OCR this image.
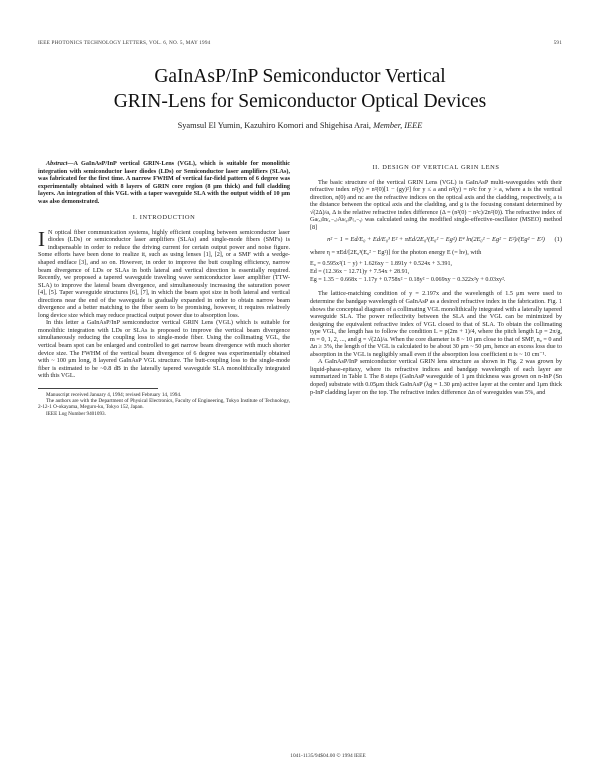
IEEE PHOTONICS TECHNOLOGY LETTERS, VOL. 6, NO. 5, MAY 1994	591
GaInAsP/InP Semiconductor Vertical
GRIN-Lens for Semiconductor Optical Devices
Syamsul El Yumin, Kazuhiro Komori and Shigehisa Arai, Member, IEEE

Abstract—A GaInAsP/InP vertical GRIN-Lens (VGL), which is suitable for monolithic integration with semiconductor laser diodes (LDs) or Semiconductor laser amplifiers (SLAs), was fabricated for the first time. A narrow FWHM of vertical far-field pattern of 6 degree was experimentally obtained with 8 layers of GRIN core region (8 μm thick) and full cladding layers. An integration of this VGL with a taper waveguide SLA with the output width of 10 μm was also demonstrated.

I. INTRODUCTION

I N optical fiber communication systems, highly efficient coupling between semiconductor laser diodes (LDs) or semiconductor laser amplifiers (SLAs) and single-mode fibers (SMFs) is indispensable in order to reduce the driving current for certain output power and noise figure. Some efforts have been done to realize it, such as using lenses [1], [2], or a SMF with a wedge-shaped endface [3], and so on. However, in order to improve the butt coupling efficiency, narrow beam divergence of LDs or SLAs in both lateral and vertical direction is essentially required. Recently, we proposed a tapered waveguide traveling wave semiconductor laser amplifier (TTW-SLA) to improve the lateral beam divergence, and simultaneously increasing the saturation power [4], [5]. Taper waveguide structures [6], [7], in which the beam spot size in both lateral and vertical directions near the end of the waveguide is gradually expanded in order to obtain narrow beam divergence and a better matching to the fiber seem to be promising, however, it requires relatively long device size which may reduce practical output power due to absorption loss.

In this letter a GaInAsP/InP semiconductor vertical GRIN Lens (VGL) which is suitable for monolithic integration with LDs or SLAs is proposed to improve the vertical beam divergence simultaneously reducing the coupling loss to single-mode fiber. Using the collimating VGL, the vertical beam spot can be enlarged and controlled to get narrow beam divergence with much shorter device size. The FWHM of the vertical beam divergence of 6 degree was experimentally obtained with ~ 100 μm long, 8 layered GaInAsP VGL structure. The butt-coupling loss to the single-mode fiber is estimated to be ~0.8 dB in the laterally tapered waveguide SLA monolithically integrated with this VGL.

Manuscript received January 4, 1994; revised February 14, 1994.

The authors are with the Department of Physical Electronics, Faculty of Engineering, Tokyo Institute of Technology, 2-12-1 O-okayama, Meguro-ku, Tokyo 152, Japan.

IEEE Log Number 9401093.

II. DESIGN OF VERTICAL GRIN LENS

The basic structure of the vertical GRIN Lens (VGL) is GaInAsP multi-waveguides with their refractive index n²(y) = n²(0)[1 − (gy)²] for y ≤ a and n²(y) = n²c for y > a, where a is the vertical direction, n(0) and nc are the refractive indices on the optical axis and the cladding, respectively, a is the distance between the optical axis and the cladding, and g is the focusing constant determined by √(2Δ)/a, Δ is the relative refractive index difference (Δ = (n²(0) − n²c)/2n²(0)). The refractive index of Ga₍ₓ₎In₍₁₋ₓ₎As₍ᵧ₎P₍₁₋ᵧ₎ was calculated using the modified single-effective-oscillator (MSEO) method [8]

n² − 1 = Ed/E₀ + Ed/E₀³ E² + πEd/2E₀³(E₀² − Eg²) E⁴ ln(2E₀² − Eg² − E²)/(Eg² − E²) (1)

where η = πEd/[2E₀³(E₀² − Eg²)] for the photon energy E (= hν), with

E₀ = 0.595x²(1 − y) + 1.626xy − 1.891y + 0.524x + 3.391,
Ed = (12.36x − 12.71)y + 7.54x + 28.91,
Eg = 1.35 − 0.668x − 1.17y + 0.758x² − 0.18y² − 0.069xy − 0.322x²y + 0.03xy².

The lattice-matching condition of y = 2.197x and the wavelength of 1.5 μm were used to determine the bandgap wavelength of GaInAsP as a desired refractive index in the fabrication. Fig. 1 shows the conceptual diagram of a collimating VGL monolithically integrated with a laterally tapered waveguide SLA. The power reflectivity between the SLA and the VGL can be minimized by designing the equivalent refractive index of VGL closed to that of SLA. To obtain the collimating type VGL, the length has to follow the condition L = p(2m + 1)/4, where the pitch length Lp = 2π/g, m = 0, 1, 2, ..., and g = √(2Δ)/a. When the core diameter is 8 ~ 10 μm close to that of SMF, n₀ = 0 and Δn ≥ 3%, the length of the VGL is calculated to be about 30 μm ~ 50 μm, hence an excess loss due to absorption in the VGL is negligibly small even if the absorption loss coefficient α is ~ 10 cm⁻¹.

A GaInAsP/InP semiconductor vertical GRIN lens structure as shown in Fig. 2 was grown by liquid-phase-epitaxy, where its refractive indices and bandgap wavelength of each layer are summarized in Table I. The 8 steps (GaInAsP waveguide of 1 μm thickness was grown on n-InP (Sn doped) substrate with 0.05μm thick GaInAsP (λg = 1.30 μm) active layer at the center and 1μm thick p-InP cladding layer on the top. The refractive index difference Δn of waveguides was 5%, and

1041-1135/94$04.00 © 1994 IEEE
